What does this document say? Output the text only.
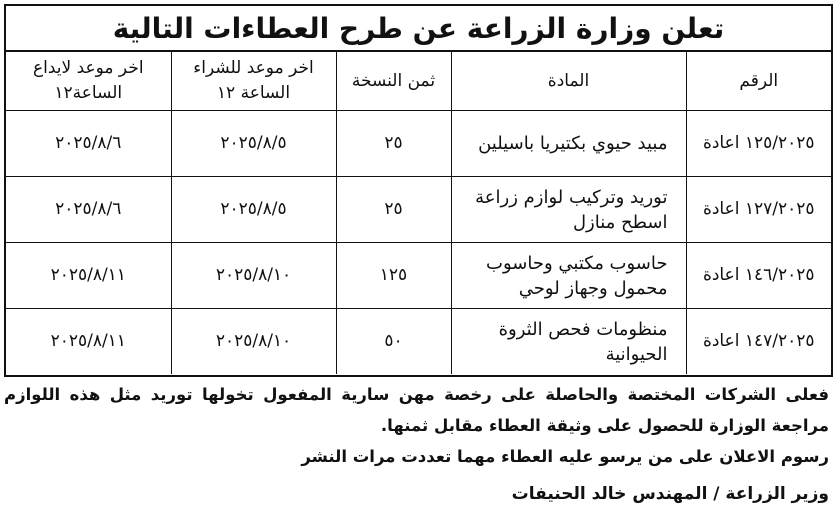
تعلن وزارة الزراعة عن طرح العطاءات التالية
الرقم	المادة	ثمن النسخة	اخر موعد للشراء الساعة ١٢	اخر موعد لايداع الساعة١٢
١٢٥/٢٠٢٥ اعادة	مبيد حيوي بكتيريا باسيلين	٢٥	٢٠٢٥/٨/٥	٢٠٢٥/٨/٦
١٢٧/٢٠٢٥ اعادة	توريد وتركيب لوازم زراعة اسطح منازل	٢٥	٢٠٢٥/٨/٥	٢٠٢٥/٨/٦
١٤٦/٢٠٢٥ اعادة	حاسوب مكتبي وحاسوب محمول وجهاز لوحي	١٢٥	٢٠٢٥/٨/١٠	٢٠٢٥/٨/١١
١٤٧/٢٠٢٥ اعادة	منظومات فحص الثروة الحيوانية	٥٠	٢٠٢٥/٨/١٠	٢٠٢٥/٨/١١

فعلى الشركات المختصة والحاصلة على رخصة مهن سارية المفعول تخولها توريد مثل هذه اللوازم مراجعة الوزارة للحصول على وثيقة العطاء مقابل ثمنها.

رسوم الاعلان على من يرسو عليه العطاء مهما تعددت مرات النشر

وزير الزراعة / المهندس خالد الحنيفات
